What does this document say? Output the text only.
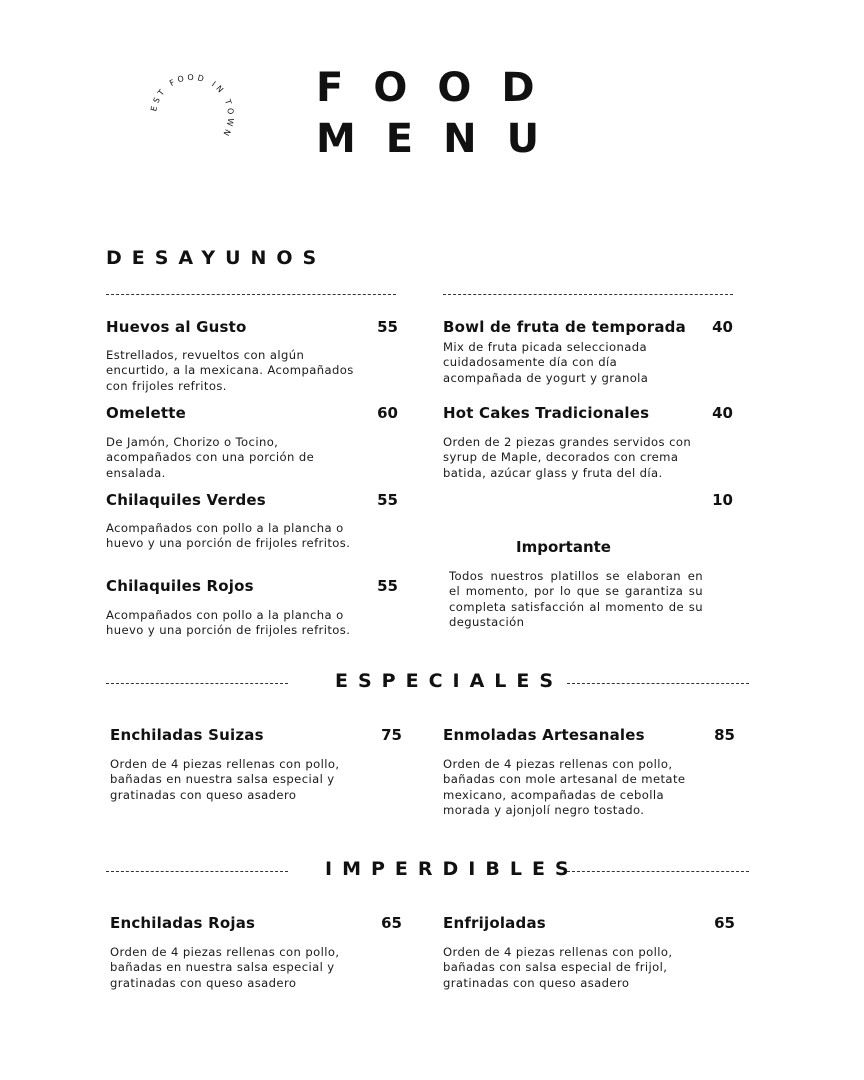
BEST FOOD IN TOWN
FOOD
MENU
DESAYUNOS
Huevos al Gusto	55
Estrellados, revueltos con algún encurtido, a la mexicana. Acompañados con frijoles refritos.
Omelette	60
De Jamón, Chorizo o Tocino, acompañados con una porción de ensalada.
Chilaquiles Verdes	55
Acompañados con pollo a la plancha o huevo y una porción de frijoles refritos.
Chilaquiles Rojos	55
Acompañados con pollo a la plancha o huevo y una porción de frijoles refritos.
Bowl de fruta de temporada	40
Mix de fruta picada seleccionada cuidadosamente día con día acompañada de yogurt y granola
Hot Cakes Tradicionales	40
Orden de 2 piezas grandes servidos con syrup de Maple, decorados con crema batida, azúcar glass y fruta del día.
10
Importante
Todos nuestros platillos se elaboran en el momento, por lo que se garantiza su completa satisfacción al momento de su degustación
ESPECIALES
Enchiladas Suizas	75
Orden de 4 piezas rellenas con pollo, bañadas en nuestra salsa especial y gratinadas con queso asadero
Enmoladas Artesanales	85
Orden de 4 piezas rellenas con pollo, bañadas con mole artesanal de metate mexicano, acompañadas de cebolla morada y ajonjolí negro tostado.
IMPERDIBLES
Enchiladas Rojas	65
Orden de 4 piezas rellenas con pollo, bañadas en nuestra salsa especial y gratinadas con queso asadero
Enfrijoladas	65
Orden de 4 piezas rellenas con pollo, bañadas con salsa especial de frijol, gratinadas con queso asadero
